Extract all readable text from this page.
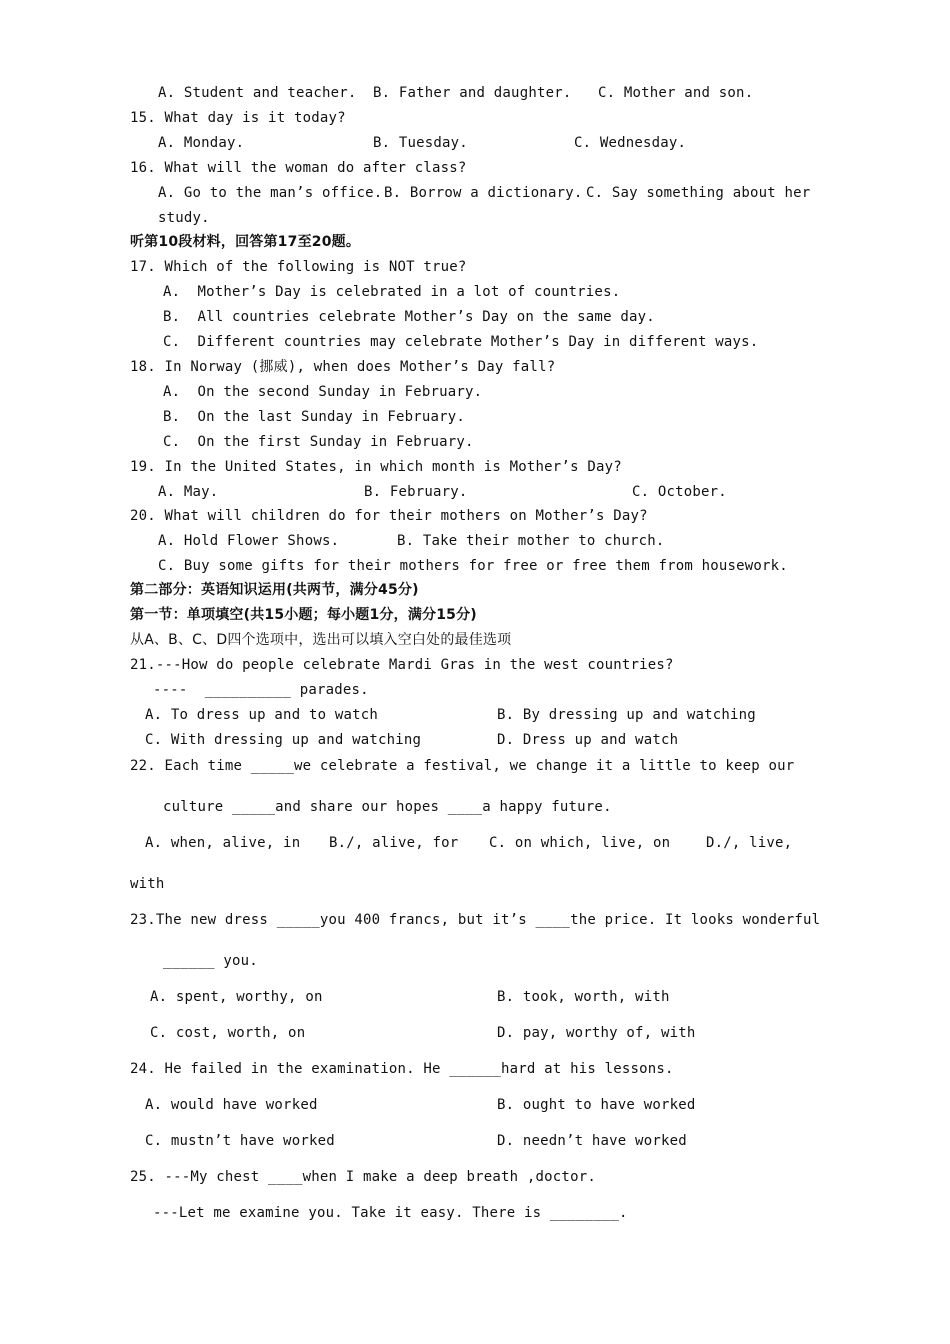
A. Student and teacher. B. Father and daughter. C. Mother and son.
15. What day is it today?
A. Monday.	B. Tuesday.	C. Wednesday.
16. What will the woman do after class?
A. Go to the man’s office. B. Borrow a dictionary. C. Say something about her
study.
听第10段材料，回答第17至20题。
17. Which of the following is NOT true?
A.  Mother’s Day is celebrated in a lot of countries.
B.  All countries celebrate Mother’s Day on the same day.
C.  Different countries may celebrate Mother’s Day in different ways.
18. In Norway (挪威), when does Mother’s Day fall?
A.  On the second Sunday in February.
B.  On the last Sunday in February.
C.  On the first Sunday in February.
19. In the United States, in which month is Mother’s Day?
A. May.	B. February.	C. October.
20. What will children do for their mothers on Mother’s Day?
A. Hold Flower Shows.	B. Take their mother to church.
C. Buy some gifts for their mothers for free or free them from housework.
第二部分：英语知识运用(共两节，满分45分)
第一节：单项填空(共15小题；每小题1分，满分15分)
从A、B、C、D四个选项中，选出可以填入空白处的最佳选项
21.---How do people celebrate Mardi Gras in the west countries?
----  __________ parades.
A. To dress up and to watch	B. By dressing up and watching
C. With dressing up and watching	D. Dress up and watch
22. Each time _____we celebrate a festival, we change it a little to keep our
culture _____and share our hopes ____a happy future.
A. when, alive, in B./, alive, for C. on which, live, on	D./, live,
with
23.The new dress _____you 400 francs, but it’s ____the price. It looks wonderful
______ you.
A. spent, worthy, on	B. took, worth, with
C. cost, worth, on	D. pay, worthy of, with
24. He failed in the examination. He ______hard at his lessons.
A. would have worked	B. ought to have worked
C. mustn’t have worked	D. needn’t have worked
25. ---My chest ____when I make a deep breath ,doctor.
---Let me examine you. Take it easy. There is ________.
